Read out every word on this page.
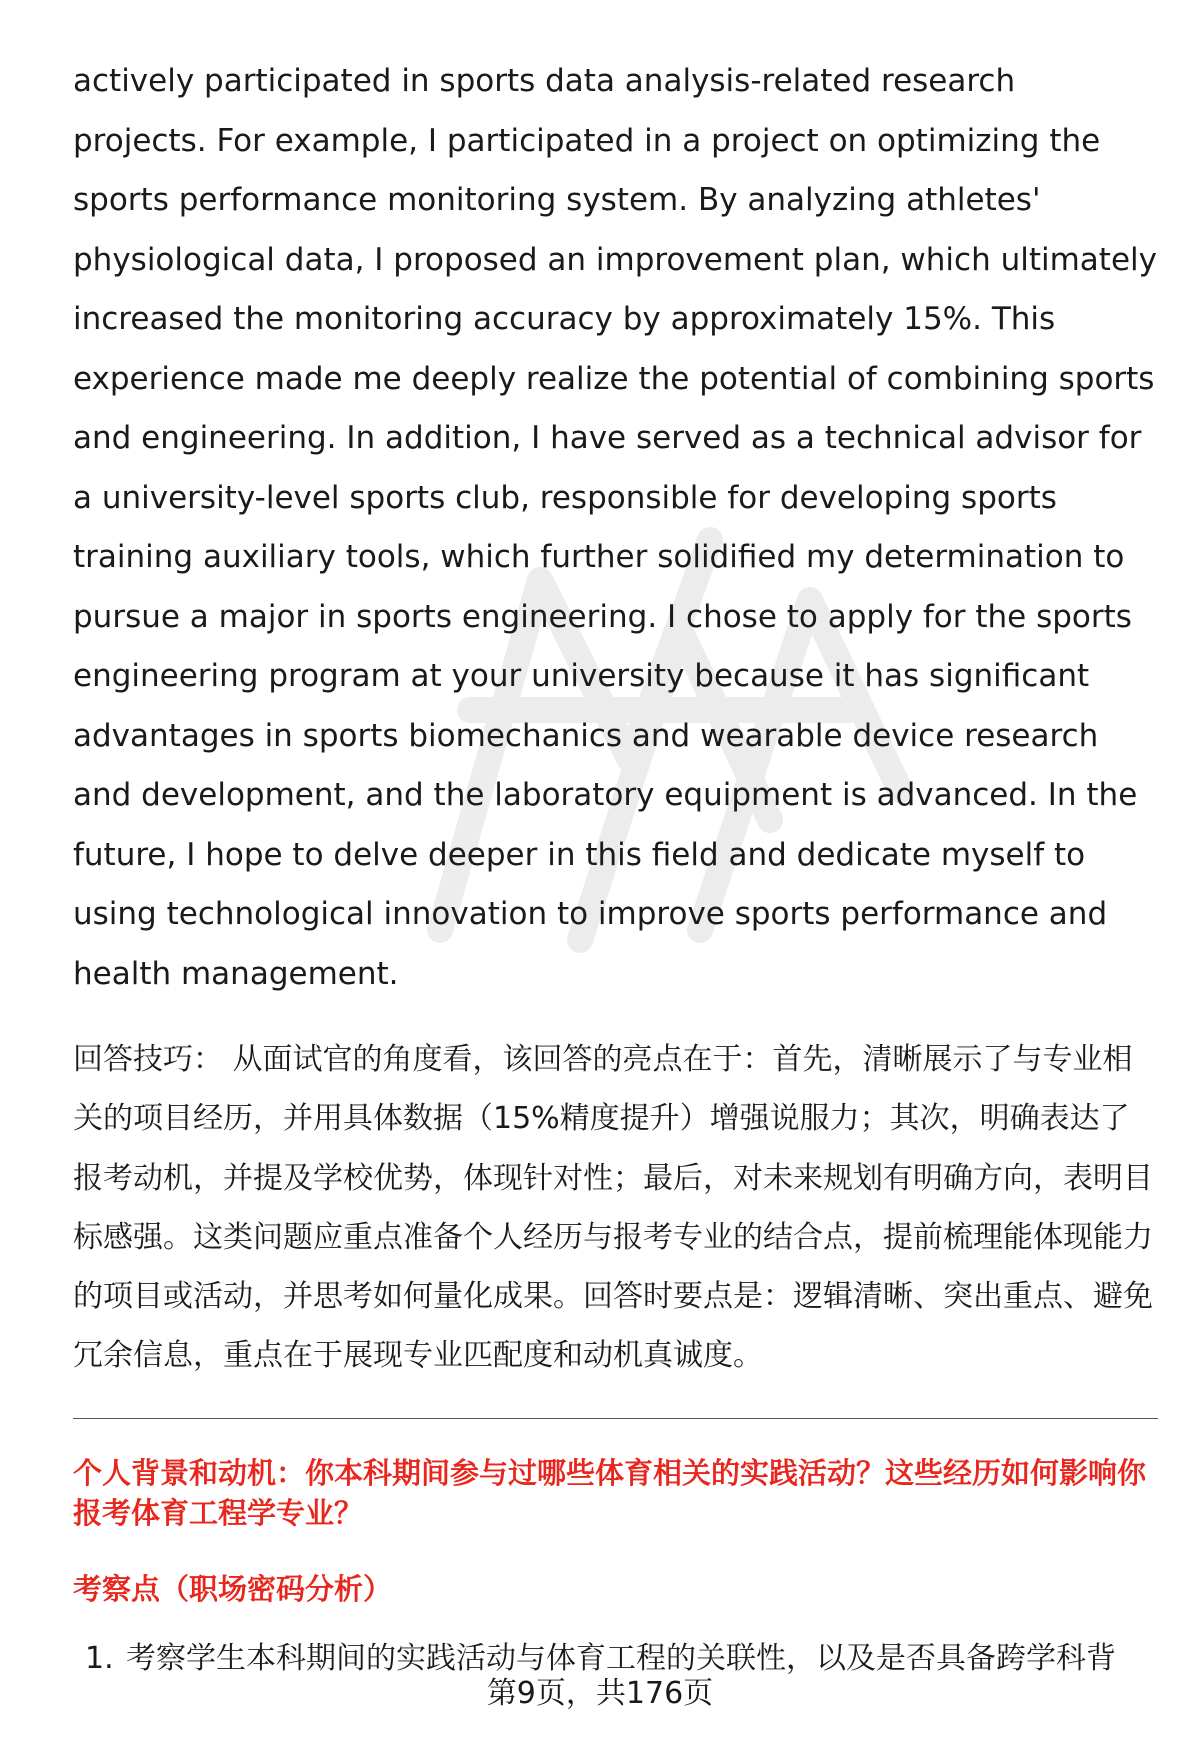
actively participated in sports data analysis-related research projects. For example, I participated in a project on optimizing the sports performance monitoring system. By analyzing athletes' physiological data, I proposed an improvement plan, which ultimately increased the monitoring accuracy by approximately 15%. This experience made me deeply realize the potential of combining sports and engineering. In addition, I have served as a technical advisor for a university-level sports club, responsible for developing sports training auxiliary tools, which further solidified my determination to pursue a major in sports engineering. I chose to apply for the sports engineering program at your university because it has significant advantages in sports biomechanics and wearable device research and development, and the laboratory equipment is advanced. In the future, I hope to delve deeper in this field and dedicate myself to using technological innovation to improve sports performance and health management.

回答技巧： 从面试官的角度看，该回答的亮点在于：首先，清晰展示了与专业相关的项目经历，并用具体数据（15%精度提升）增强说服力；其次，明确表达了报考动机，并提及学校优势，体现针对性；最后，对未来规划有明确方向，表明目标感强。这类问题应重点准备个人经历与报考专业的结合点，提前梳理能体现能力的项目或活动，并思考如何量化成果。回答时要点是：逻辑清晰、突出重点、避免冗余信息，重点在于展现专业匹配度和动机真诚度。

个人背景和动机：你本科期间参与过哪些体育相关的实践活动？这些经历如何影响你报考体育工程学专业？
考察点（职场密码分析）
1. 考察学生本科期间的实践活动与体育工程的关联性，以及是否具备跨学科背
第9页，共176页
